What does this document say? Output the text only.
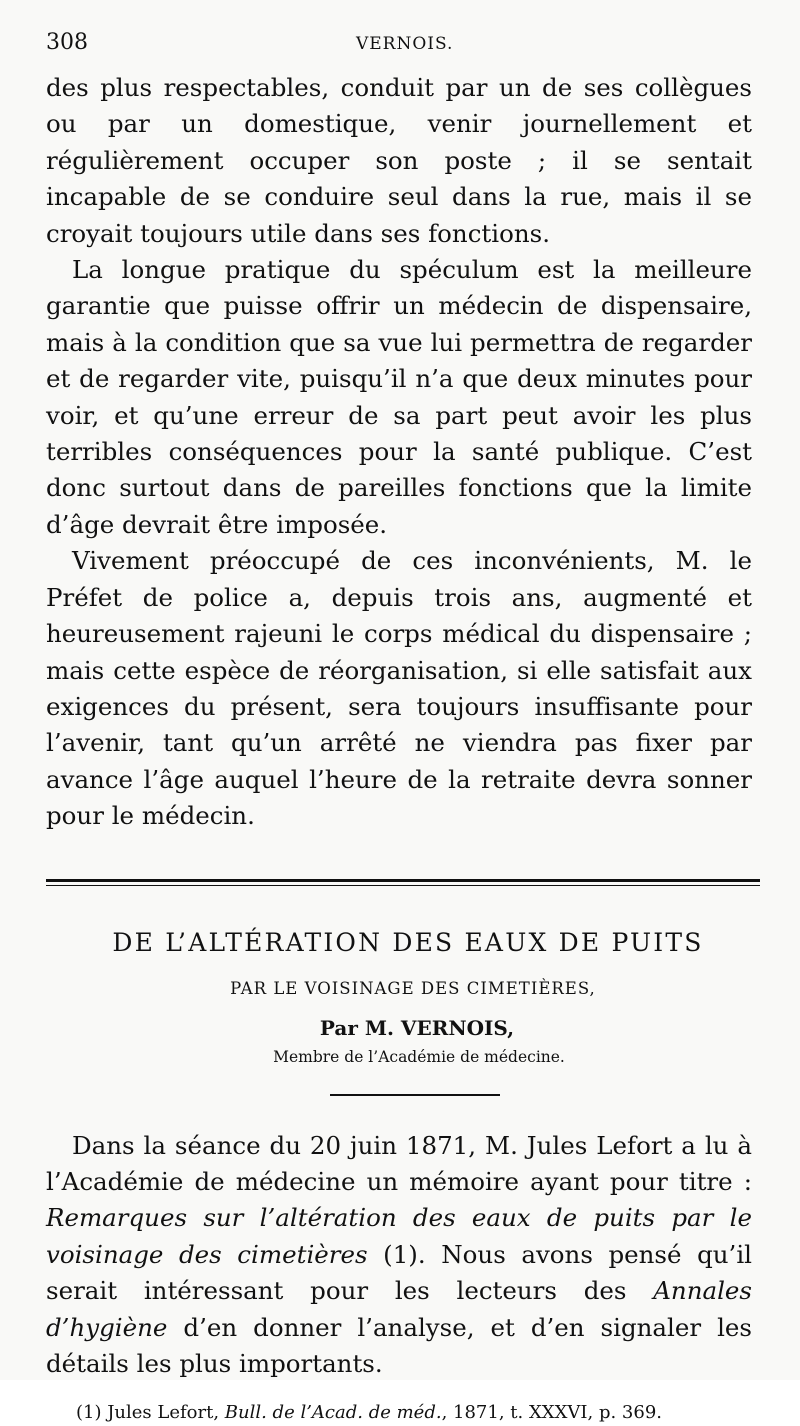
308	VERNOIS.

des plus respectables, conduit par un de ses collègues ou par un domestique, venir journellement et régulièrement occuper son poste ; il se sentait incapable de se conduire seul dans la rue, mais il se croyait toujours utile dans ses fonctions.

La longue pratique du spéculum est la meilleure garantie que puisse offrir un médecin de dispensaire, mais à la condition que sa vue lui permettra de regarder et de regarder vite, puisqu’il n’a que deux minutes pour voir, et qu’une erreur de sa part peut avoir les plus terribles conséquences pour la santé publique. C’est donc surtout dans de pareilles fonctions que la limite d’âge devrait être imposée.

Vivement préoccupé de ces inconvénients, M. le Préfet de police a, depuis trois ans, augmenté et heureusement rajeuni le corps médical du dispensaire ; mais cette espèce de réorganisation, si elle satisfait aux exigences du présent, sera toujours insuffisante pour l’avenir, tant qu’un arrêté ne viendra pas fixer par avance l’âge auquel l’heure de la retraite devra sonner pour le médecin.

DE L’ALTÉRATION DES EAUX DE PUITS
PAR LE VOISINAGE DES CIMETIÈRES,
Par M. VERNOIS,
Membre de l’Académie de médecine.

Dans la séance du 20 juin 1871, M. Jules Lefort a lu à l’Académie de médecine un mémoire ayant pour titre : Remarques sur l’altération des eaux de puits par le voisinage des cimetières (1). Nous avons pensé qu’il serait intéressant pour les lecteurs des Annales d’hygiène d’en donner l’analyse, et d’en signaler les détails les plus importants.

(1) Jules Lefort, Bull. de l’Acad. de méd., 1871, t. XXXVI, p. 369.
